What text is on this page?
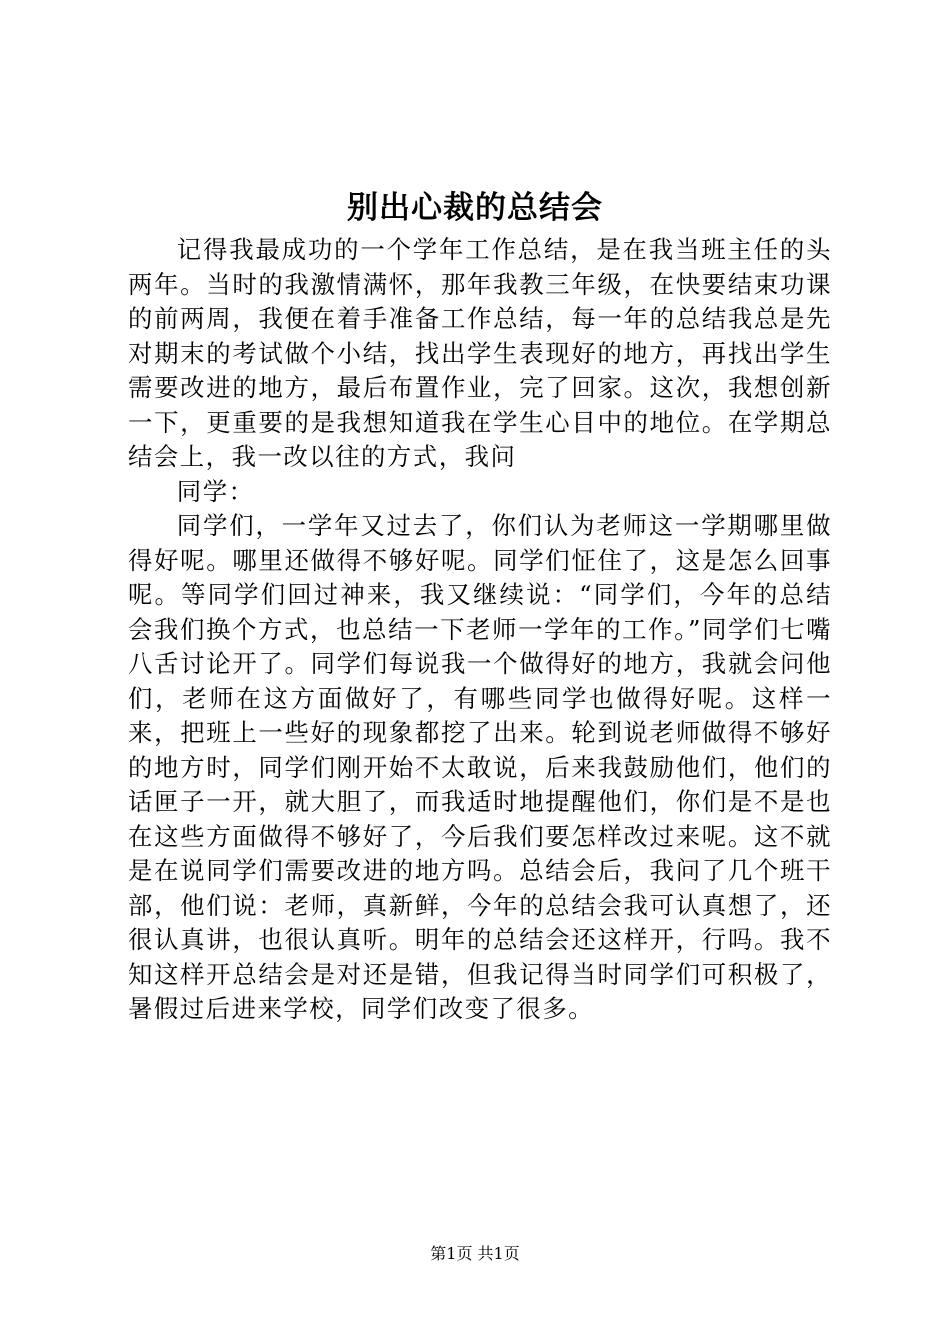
别出心裁的总结会

记得我最成功的一个学年工作总结，是在我当班主任的头两年。当时的我激情满怀，那年我教三年级，在快要结束功课的前两周，我便在着手准备工作总结，每一年的总结我总是先对期末的考试做个小结，找出学生表现好的地方，再找出学生需要改进的地方，最后布置作业，完了回家。这次，我想创新一下，更重要的是我想知道我在学生心目中的地位。在学期总结会上，我一改以往的方式，我问

同学：

同学们，一学年又过去了，你们认为老师这一学期哪里做得好呢。哪里还做得不够好呢。同学们怔住了，这是怎么回事呢。等同学们回过神来，我又继续说：“同学们，今年的总结会我们换个方式，也总结一下老师一学年的工作。”同学们七嘴八舌讨论开了。同学们每说我一个做得好的地方，我就会问他们，老师在这方面做好了，有哪些同学也做得好呢。这样一来，把班上一些好的现象都挖了出来。轮到说老师做得不够好的地方时，同学们刚开始不太敢说，后来我鼓励他们，他们的话匣子一开，就大胆了，而我适时地提醒他们，你们是不是也在这些方面做得不够好了，今后我们要怎样改过来呢。这不就是在说同学们需要改进的地方吗。总结会后，我问了几个班干部，他们说：老师，真新鲜，今年的总结会我可认真想了，还很认真讲，也很认真听。明年的总结会还这样开，行吗。我不知这样开总结会是对还是错，但我记得当时同学们可积极了，暑假过后进来学校，同学们改变了很多。

第1页 共1页
